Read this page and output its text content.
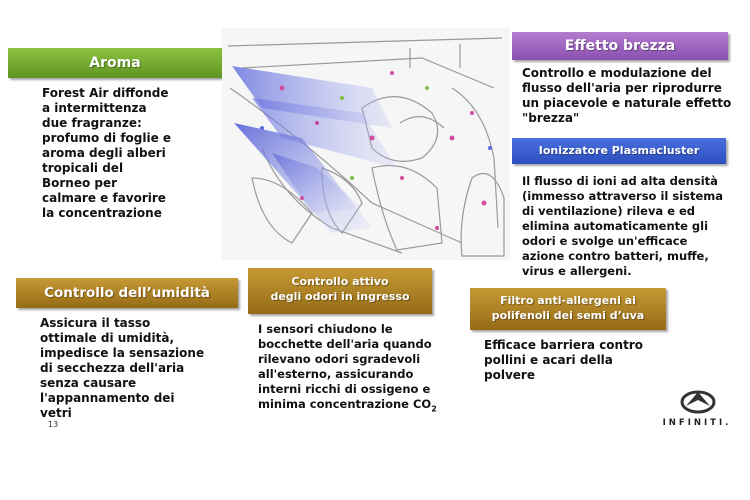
Aroma

Forest Air diffonde
a intermittenza
due fragranze:
profumo di foglie e
aroma degli alberi
tropicali del
Borneo per
calmare e favorire
la concentrazione

Effetto brezza

Controllo e modulazione del
flusso dell'aria per riprodurre
un piacevole e naturale effetto
"brezza"

Ionizzatore Plasmacluster

Il flusso di ioni ad alta densità
(immesso attraverso il sistema
di ventilazione) rileva e ed
elimina automaticamente gli
odori e svolge un'efficace
azione contro batteri, muffe,
virus e allergeni.

Controllo dell’umidità

Assicura il tasso
ottimale di umidità,
impedisce la sensazione
di secchezza dell'aria
senza causare
l'appannamento dei
vetri

Controllo attivo
degli odori in ingresso

I sensori chiudono le
bocchette dell'aria quando
rilevano odori sgradevoli
all'esterno, assicurando
interni ricchi di ossigeno e
minima concentrazione $CO_2$

Filtro anti-allergeni ai
polifenoli dei semi d’uva

Efficace barriera contro
pollini e acari della
polvere

13	INFINITI.
